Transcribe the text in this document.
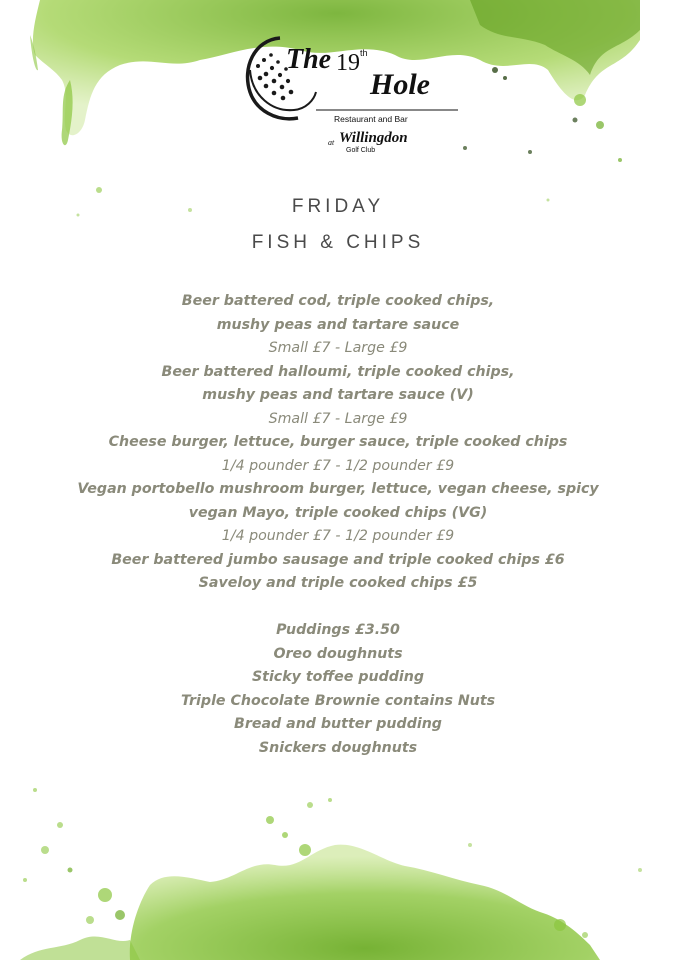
The 19 th
Hole
Restaurant and Bar
at Willingdon
Golf Club
FRIDAY
FISH & CHIPS
Beer battered cod, triple cooked chips,
mushy peas and tartare sauce
Small £7 - Large £9
Beer battered halloumi, triple cooked chips,
mushy peas and tartare sauce (V)
Small £7 - Large £9
Cheese burger, lettuce, burger sauce, triple cooked chips
1/4 pounder £7 - 1/2 pounder £9
Vegan portobello mushroom burger, lettuce, vegan cheese, spicy
vegan Mayo, triple cooked chips (VG)
1/4 pounder £7 - 1/2 pounder £9
Beer battered jumbo sausage and triple cooked chips £6
Saveloy and triple cooked chips £5
Puddings £3.50
Oreo doughnuts
Sticky toffee pudding
Triple Chocolate Brownie contains Nuts
Bread and butter pudding
Snickers doughnuts
